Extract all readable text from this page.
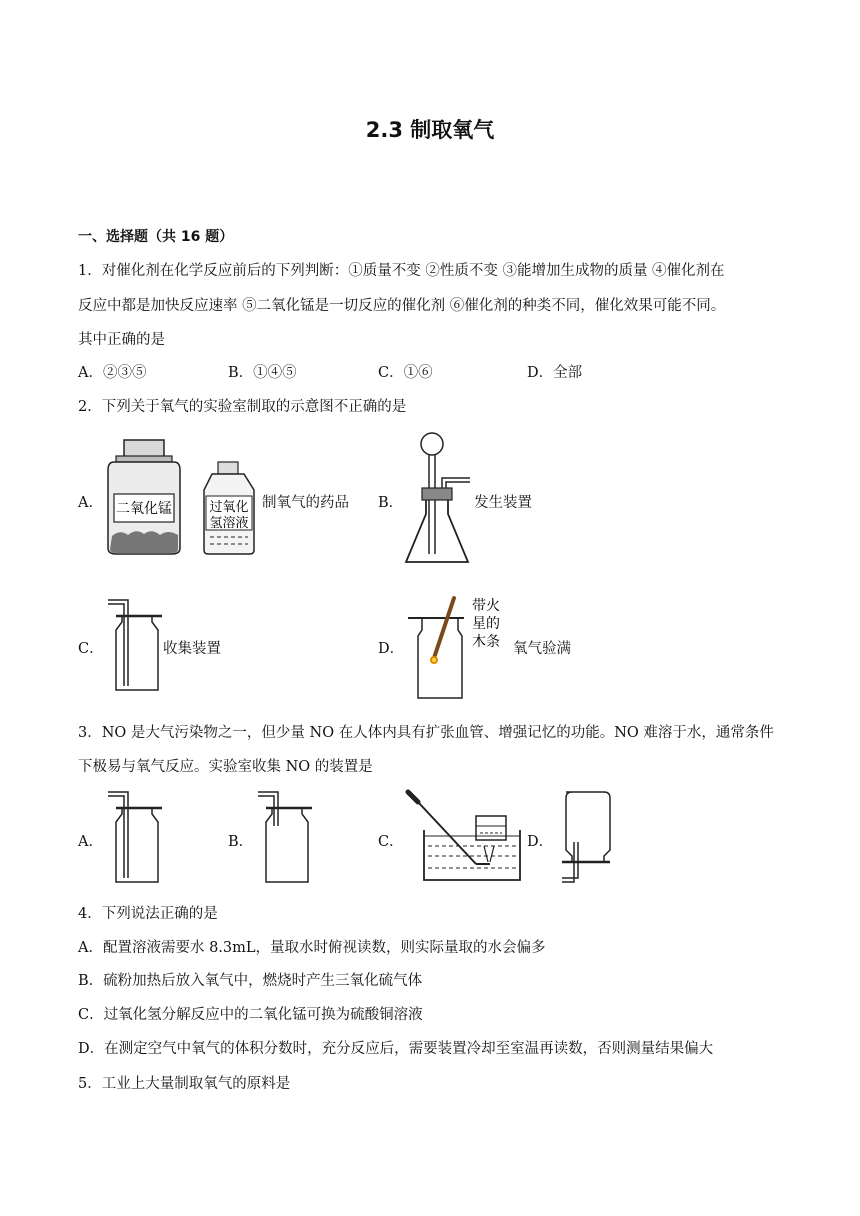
2.3 制取氧气
一、选择题（共 16 题）
1．对催化剂在化学反应前后的下列判断：①质量不变 ②性质不变 ③能增加生成物的质量 ④催化剂在
反应中都是加快反应速率 ⑤二氧化锰是一切反应的催化剂 ⑥催化剂的种类不同，催化效果可能不同。
其中正确的是
A．②③⑤	B．①④⑤	C．①⑥	D．全部
2．下列关于氧气的实验室制取的示意图不正确的是
A． 二氧化锰	过氧化
氢溶液
制氧气的药品 B．	发生装置
C．	收集装置	D．
带火
星的
木条 氧气验满
3．NO 是大气污染物之一，但少量 NO 在人体内具有扩张血管、增强记忆的功能。NO 难溶于水，通常条件
下极易与氧气反应。实验室收集 NO 的装置是
A．	B．	C．	D．
4．下列说法正确的是
A．配置溶液需要水 8.3mL，量取水时俯视读数，则实际量取的水会偏多
B．硫粉加热后放入氧气中，燃烧时产生三氧化硫气体
C．过氧化氢分解反应中的二氧化锰可换为硫酸铜溶液
D．在测定空气中氧气的体积分数时，充分反应后，需要装置冷却至室温再读数，否则测量结果偏大
5．工业上大量制取氧气的原料是
